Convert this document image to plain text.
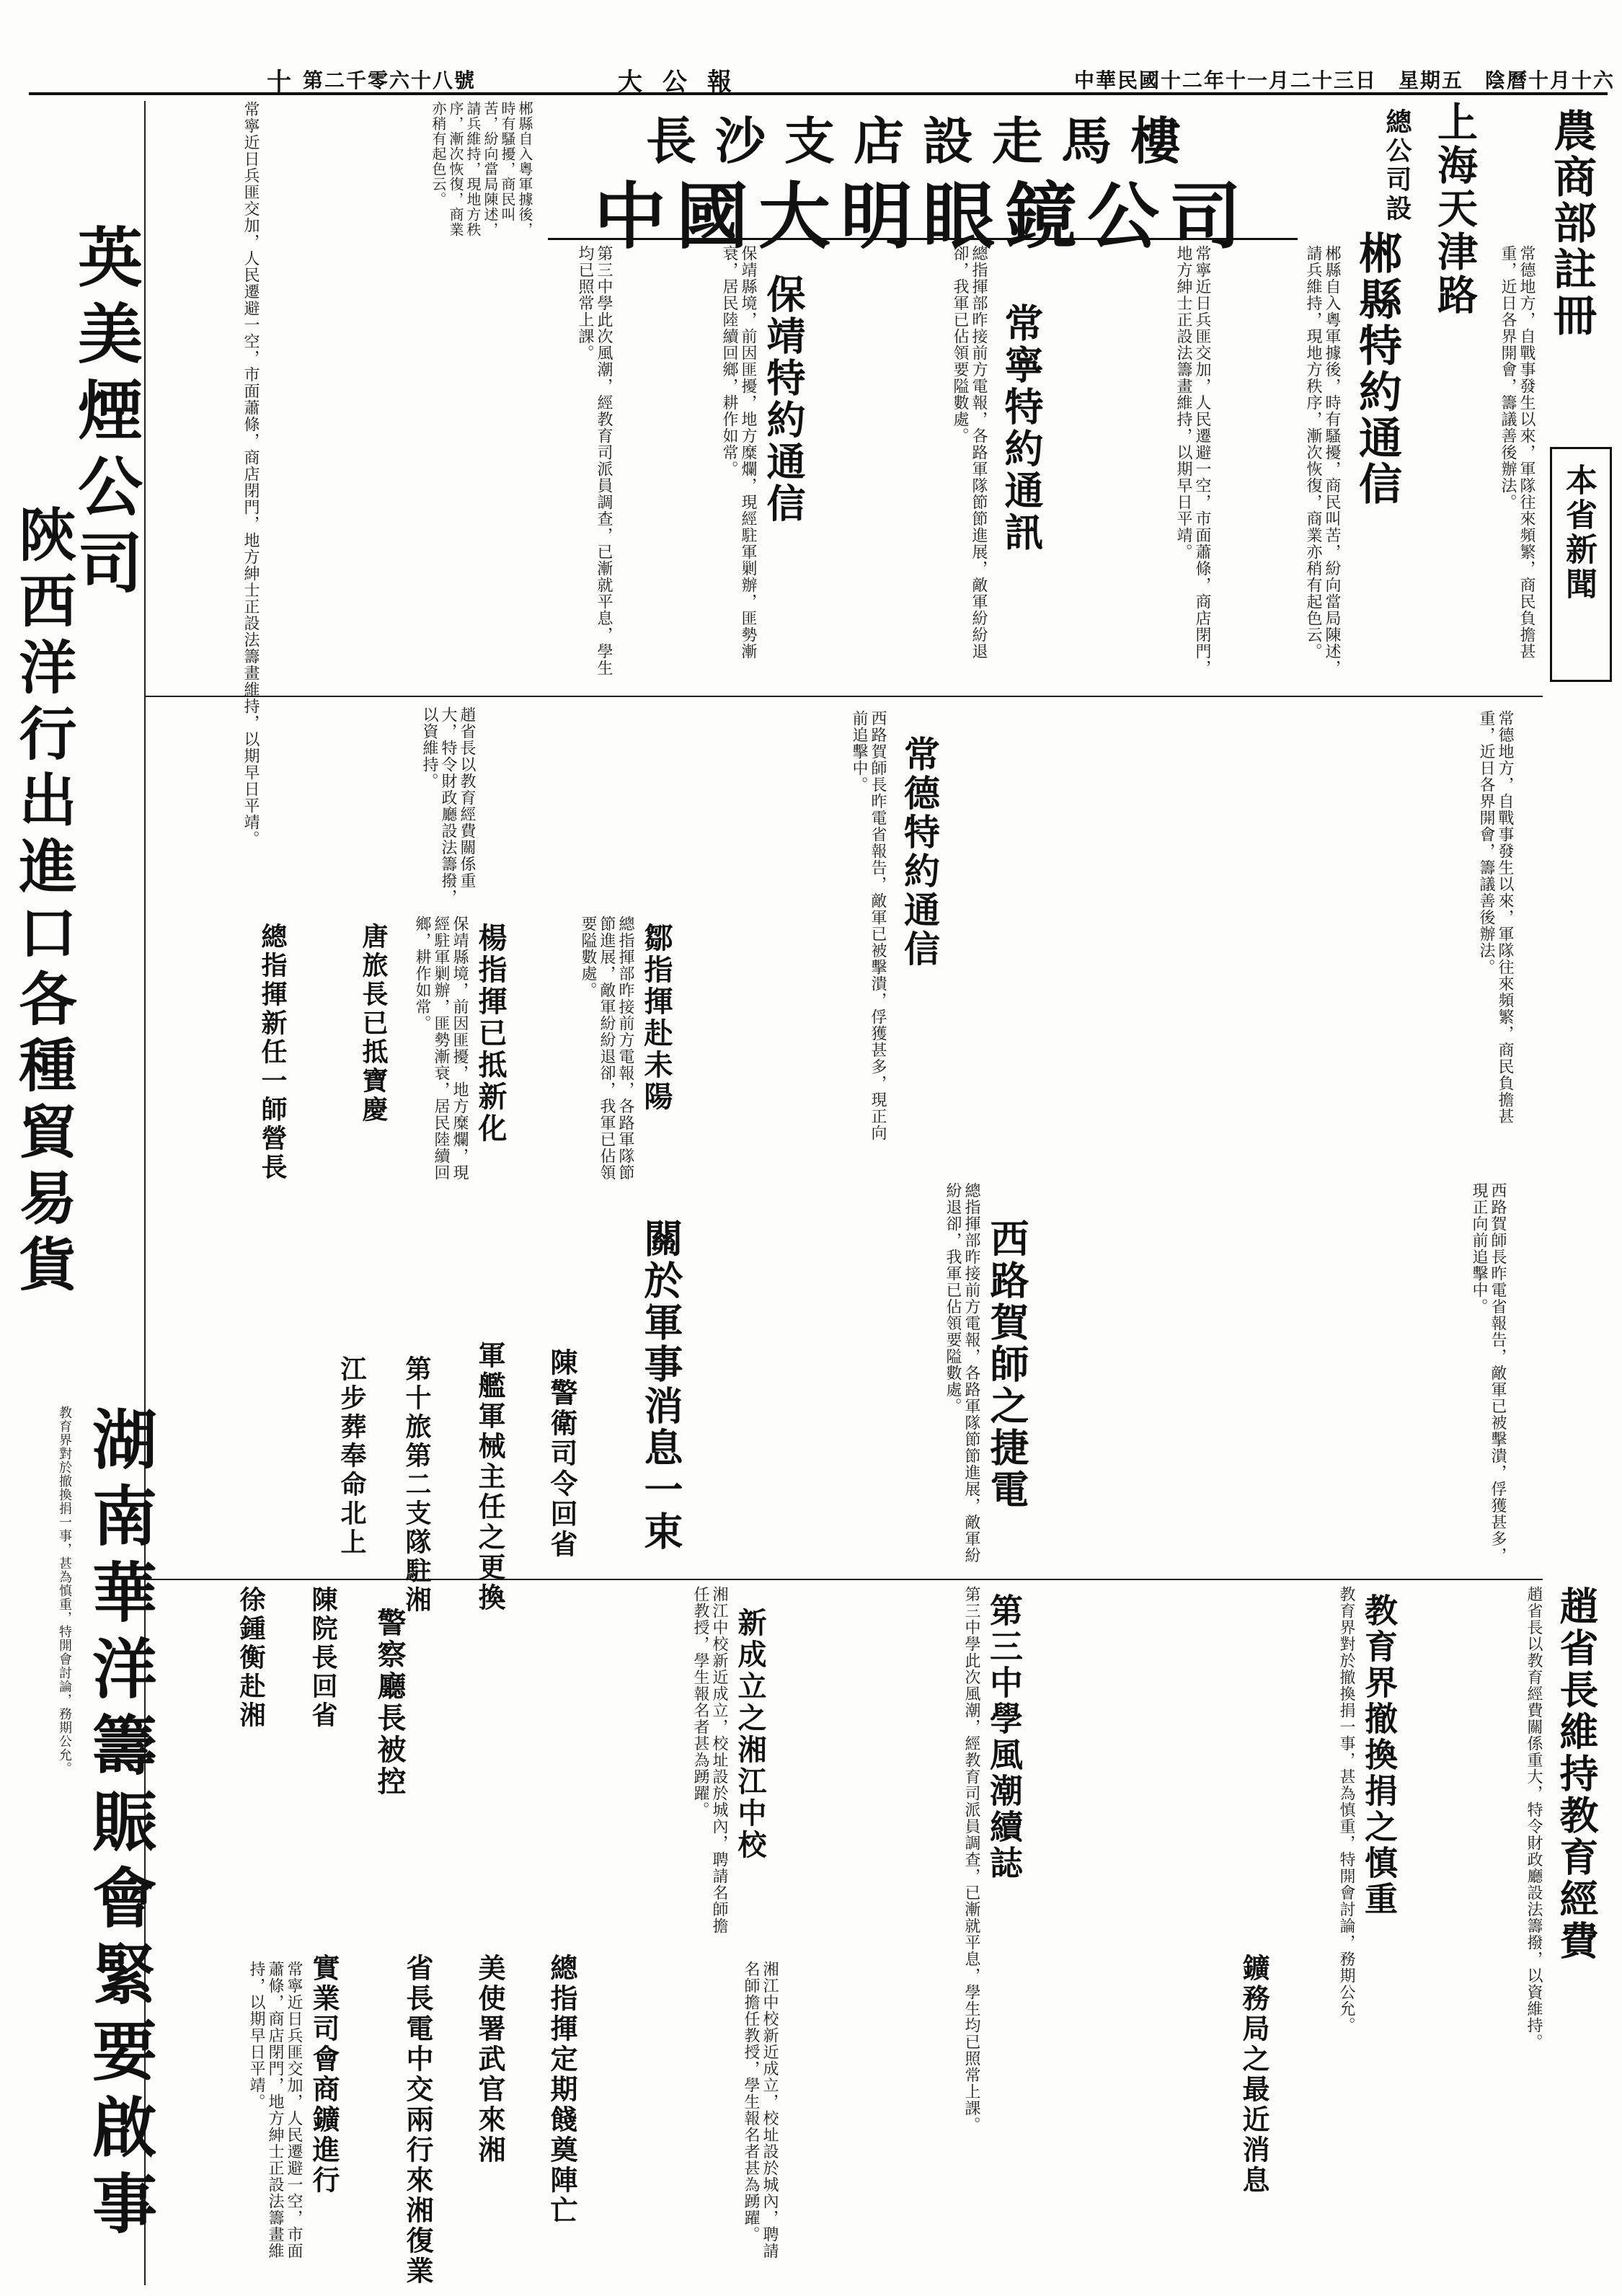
中華民國十二年十一月二十三日　星期五　陰曆十月十六
大公報
第二千零六十八號
十
長沙支店設走馬樓
中國大明眼鏡公司	農商部註冊
上海天津路
總公司設
郴縣自入粵軍據後，時有騷擾，商民叫苦，紛向當局陳述，請兵維持，現地方秩序，漸次恢復，商業亦稍有起色云。
本省新聞
郴縣特約通信
郴縣自入粵軍據後，時有騷擾，商民叫苦，紛向當局陳述，請兵維持，現地方秩序，漸次恢復，商業亦稍有起色云。	常德地方，自戰事發生以來，軍隊往來頻繁，商民負擔甚重，近日各界開會，籌議善後辦法。
常寧特約通訊	常寧近日兵匪交加，人民遷避一空，市面蕭條，商店閉門，地方紳士正設法籌畫維持，以期早日平靖。
總指揮部昨接前方電報，各路軍隊節節進展，敵軍紛紛退卻，我軍已佔領要隘數處。
保靖特約通信
保靖縣境，前因匪擾，地方糜爛，現經駐軍剿辦，匪勢漸衰，居民陸續回鄉，耕作如常。
第三中學此次風潮，經教育司派員調查，已漸就平息，學生均已照常上課。
常德特約通信	常德地方，自戰事發生以來，軍隊往來頻繁，商民負擔甚重，近日各界開會，籌議善後辦法。
西路賀師長昨電省報告，敵軍已被擊潰，俘獲甚多，現正向前追擊中。
西路賀師之捷電	西路賀師長昨電省報告，敵軍已被擊潰，俘獲甚多，現正向前追擊中。
關於軍事消息一束	總指揮部昨接前方電報，各路軍隊節節進展，敵軍紛紛退卻，我軍已佔領要隘數處。
鄒指揮赴未陽
楊指揮已抵新化
唐旅長已抵寶慶
總指揮新任一師營長	總指揮部昨接前方電報，各路軍隊節節進展，敵軍紛紛退卻，我軍已佔領要隘數處。
保靖縣境，前因匪擾，地方糜爛，現經駐軍剿辦，匪勢漸衰，居民陸續回鄉，耕作如常。
常寧近日兵匪交加，人民遷避一空，市面蕭條，商店閉門，地方紳士正設法籌畫維持，以期早日平靖。	趙省長以教育經費關係重大，特令財政廳設法籌撥，以資維持。
趙省長維持教育經費
趙省長以教育經費關係重大，特令財政廳設法籌撥，以資維持。
教育界撤換捐之慎重
教育界對於撤換捐一事，甚為慎重，特開會討論，務期公允。
第三中學風潮續誌
第三中學此次風潮，經教育司派員調查，已漸就平息，學生均已照常上課。
新成立之湘江中校
湘江中校新近成立，校址設於城內，聘請名師擔任教授，學生報名者甚為踴躍。
陳警衛司令回省
第十旅第二支隊駐湘
江步葬奉命北上	軍艦軍械主任之更換
徐鍾衡赴湘 陳院長回省 警察廳長被控
總指揮定期餞奠陣亡
美使署武官來湘
省長電中交兩行來湘復業
實業司會商鑛進行	鑛務局之最近消息
常寧近日兵匪交加，人民遷避一空，市面蕭條，商店閉門，地方紳士正設法籌畫維持，以期早日平靖。	湘江中校新近成立，校址設於城內，聘請名師擔任教授，學生報名者甚為踴躍。
英美煙公司
陝西洋行出進口各種貿易貨
湖南華洋籌賑會緊要啟事
教育界對於撤換捐一事，甚為慎重，特開會討論，務期公允。
